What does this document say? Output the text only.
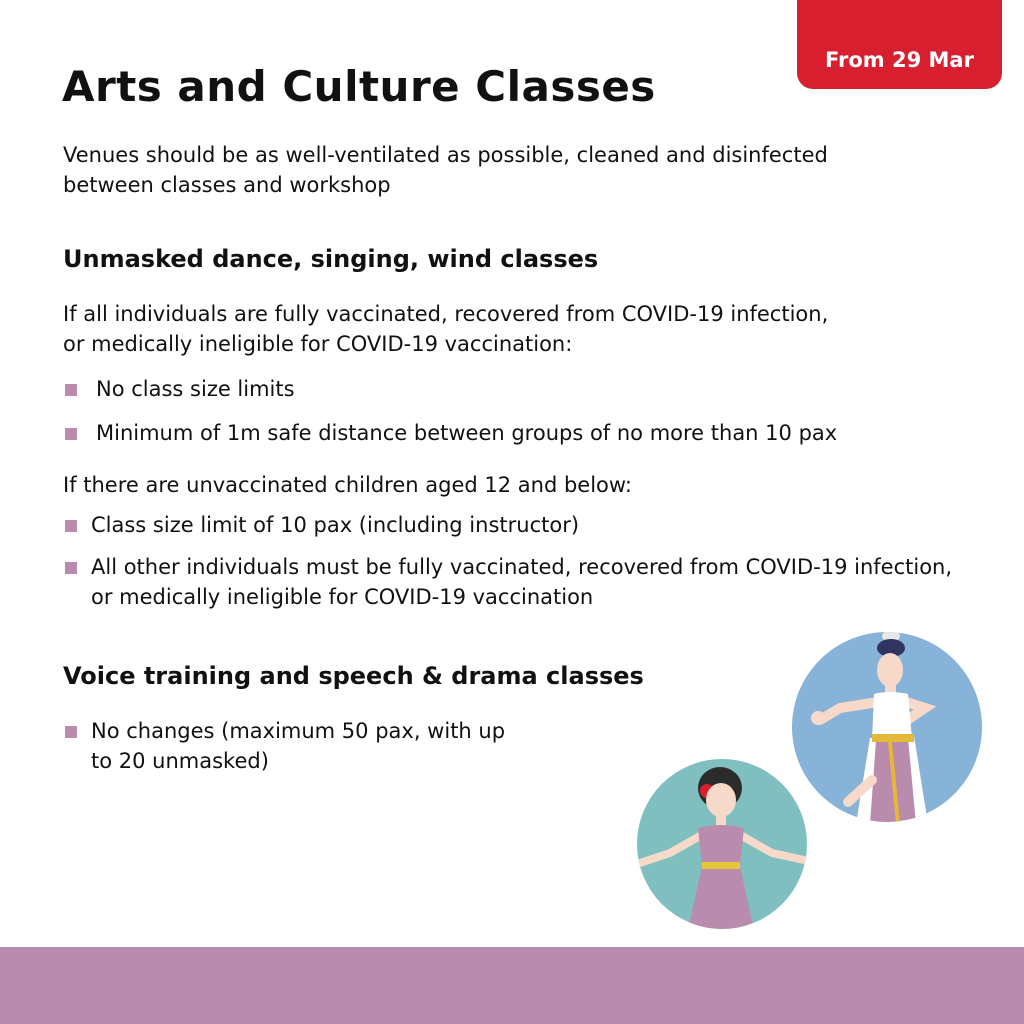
From 29 Mar
Arts and Culture Classes

Venues should be as well-ventilated as possible, cleaned and disinfected between classes and workshop

Unmasked dance, singing, wind classes

If all individuals are fully vaccinated, recovered from COVID-19 infection, or medically ineligible for COVID-19 vaccination:

No class size limits
Minimum of 1m safe distance between groups of no more than 10 pax

If there are unvaccinated children aged 12 and below:

Class size limit of 10 pax (including instructor)
All other individuals must be fully vaccinated, recovered from COVID-19 infection, or medically ineligible for COVID-19 vaccination
Voice training and speech & drama classes
No changes (maximum 50 pax, with up to 20 unmasked)
